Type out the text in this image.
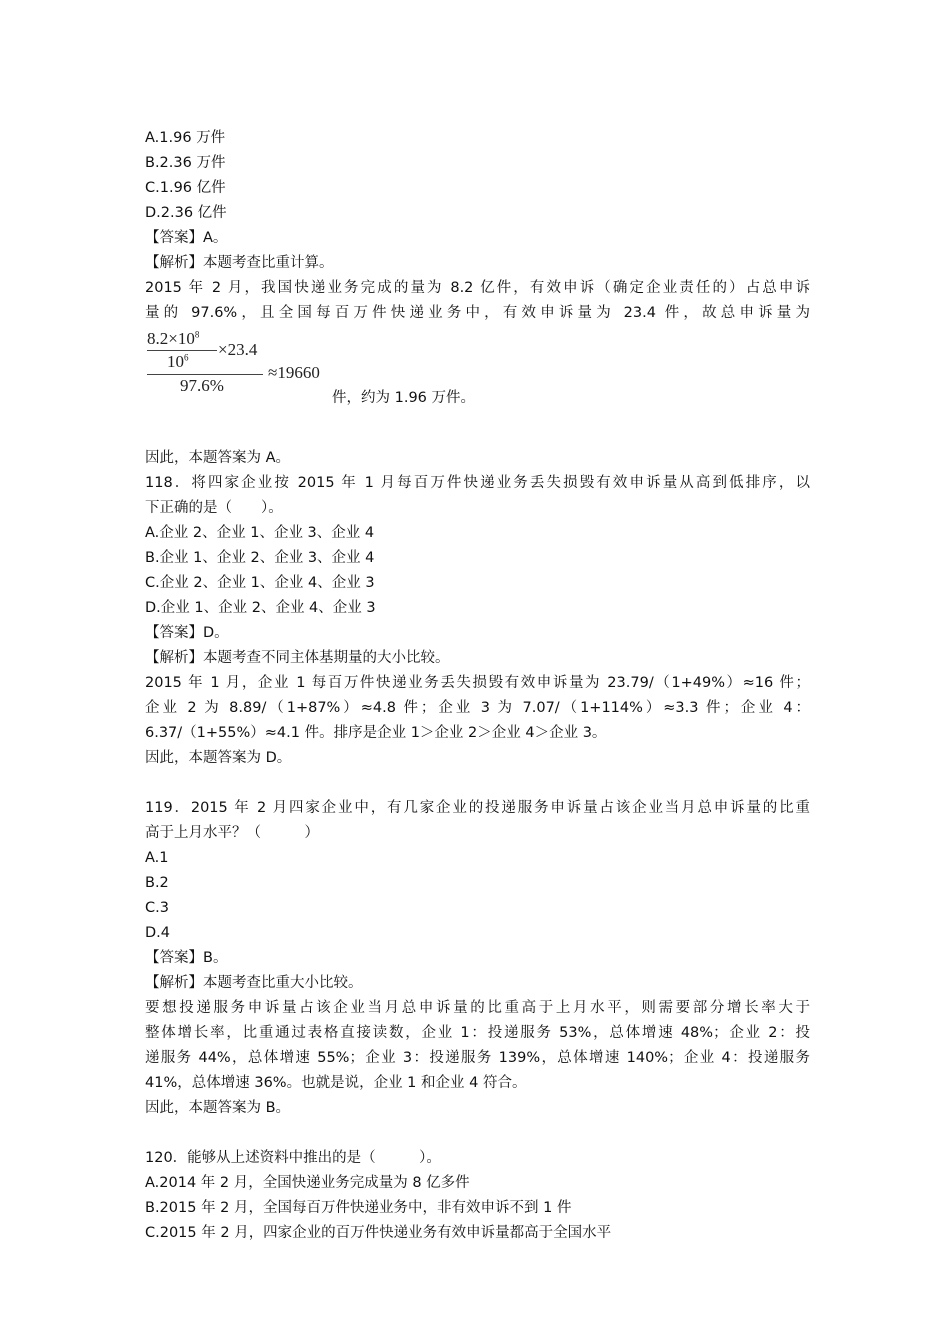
A.1.96 万件
B.2.36 万件
C.1.96 亿件
D.2.36 亿件
【答案】A。
【解析】本题考查比重计算。
2015 年 2 月，我国快递业务完成的量为 8.2 亿件，有效申诉（确定企业责任的）占总申诉
量的 97.6%，且全国每百万件快递业务中，有效申诉量为 23.4 件，故总申诉量为
$8.2\times 10^8$
$10^6 \times 23.4$
97.6%
≈19660
件，约为 1.96 万件。
因此，本题答案为 A。
118．将四家企业按 2015 年 1 月每百万件快递业务丢失损毁有效申诉量从高到低排序，以
下正确的是（　　）。
A.企业 2、企业 1、企业 3、企业 4
B.企业 1、企业 2、企业 3、企业 4
C.企业 2、企业 1、企业 4、企业 3
D.企业 1、企业 2、企业 4、企业 3
【答案】D。
【解析】本题考查不同主体基期量的大小比较。
2015 年 1 月，企业 1 每百万件快递业务丢失损毁有效申诉量为 23.79/（1+49%）≈16 件；
企业 2 为 8.89/（1+87%）≈4.8 件；企业 3 为 7.07/（1+114%）≈3.3 件；企业 4：
6.37/（1+55%）≈4.1 件。排序是企业 1＞企业 2＞企业 4＞企业 3。
因此，本题答案为 D。
119．2015 年 2 月四家企业中，有几家企业的投递服务申诉量占该企业当月总申诉量的比重
高于上月水平？（　　　）
A.1
B.2
C.3
D.4
【答案】B。
【解析】本题考查比重大小比较。
要想投递服务申诉量占该企业当月总申诉量的比重高于上月水平，则需要部分增长率大于
整体增长率，比重通过表格直接读数，企业 1：投递服务 53%，总体增速 48%；企业 2：投
递服务 44%，总体增速 55%；企业 3：投递服务 139%，总体增速 140%；企业 4：投递服务
41%，总体增速 36%。也就是说，企业 1 和企业 4 符合。
因此，本题答案为 B。
120．能够从上述资料中推出的是（　　　）。
A.2014 年 2 月，全国快递业务完成量为 8 亿多件
B.2015 年 2 月，全国每百万件快递业务中，非有效申诉不到 1 件
C.2015 年 2 月，四家企业的百万件快递业务有效申诉量都高于全国水平
